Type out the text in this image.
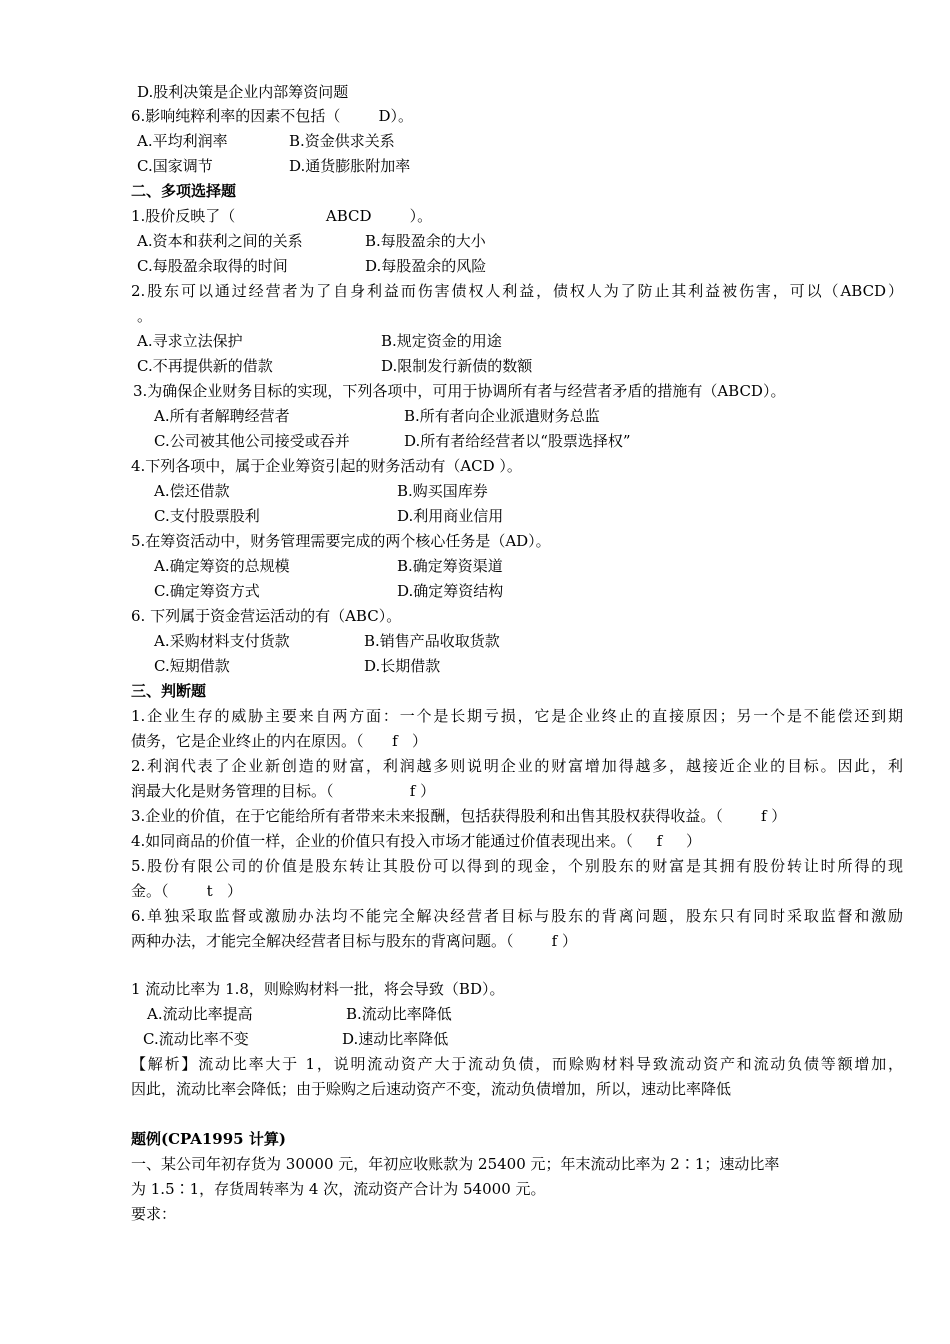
D.股利决策是企业内部筹资问题
6.影响纯粹利率的因素不包括（        D）。
A.平均利润率	B.资金供求关系
C.国家调节	D.通货膨胀附加率
二、多项选择题
1.股价反映了（                   ABCD        ）。
A.资本和获利之间的关系	B.每股盈余的大小
C.每股盈余取得的时间	D.每股盈余的风险
2.股东可以通过经营者为了自身利益而伤害债权人利益，债权人为了防止其利益被伤害，可以（ABCD）
。
A.寻求立法保护	B.规定资金的用途
C.不再提供新的借款	D.限制发行新债的数额
3.为确保企业财务目标的实现，下列各项中，可用于协调所有者与经营者矛盾的措施有（ABCD）。
A.所有者解聘经营者	B.所有者向企业派遣财务总监
C.公司被其他公司接受或吞并	D.所有者给经营者以“股票选择权”
4.下列各项中，属于企业筹资引起的财务活动有（ACD ）。
A.偿还借款	B.购买国库券
C.支付股票股利	D.利用商业信用
5.在筹资活动中，财务管理需要完成的两个核心任务是（AD）。
A.确定筹资的总规模	B.确定筹资渠道
C.确定筹资方式	D.确定筹资结构
6. 下列属于资金营运活动的有（ABC）。
A.采购材料支付货款	B.销售产品收取货款
C.短期借款	D.长期借款
三、判断题
1.企业生存的威胁主要来自两方面：一个是长期亏损，它是企业终止的直接原因；另一个是不能偿还到期
债务，它是企业终止的内在原因。（      f   ）
2.利润代表了企业新创造的财富，利润越多则说明企业的财富增加得越多，越接近企业的目标。因此，利
润最大化是财务管理的目标。（                f ）
3.企业的价值，在于它能给所有者带来未来报酬，包括获得股利和出售其股权获得收益。（        f ）
4.如同商品的价值一样，企业的价值只有投入市场才能通过价值表现出来。（     f     ）
5.股份有限公司的价值是股东转让其股份可以得到的现金，个别股东的财富是其拥有股份转让时所得的现
金。（        t   ）
6.单独采取监督或激励办法均不能完全解决经营者目标与股东的背离问题，股东只有同时采取监督和激励
两种办法，才能完全解决经营者目标与股东的背离问题。（        f ）
1 流动比率为 1.8，则赊购材料一批，将会导致（BD）。
A.流动比率提高	B.流动比率降低
C.流动比率不变	D.速动比率降低
【解析】流动比率大于 1，说明流动资产大于流动负债，而赊购材料导致流动资产和流动负债等额增加，
因此，流动比率会降低；由于赊购之后速动资产不变，流动负债增加，所以，速动比率降低
题例(CPA1995 计算)
一、某公司年初存货为 30000 元，年初应收账款为 25400 元；年末流动比率为 2∶1；速动比率
为 1.5∶1，存货周转率为 4 次，流动资产合计为 54000 元。
要求：
